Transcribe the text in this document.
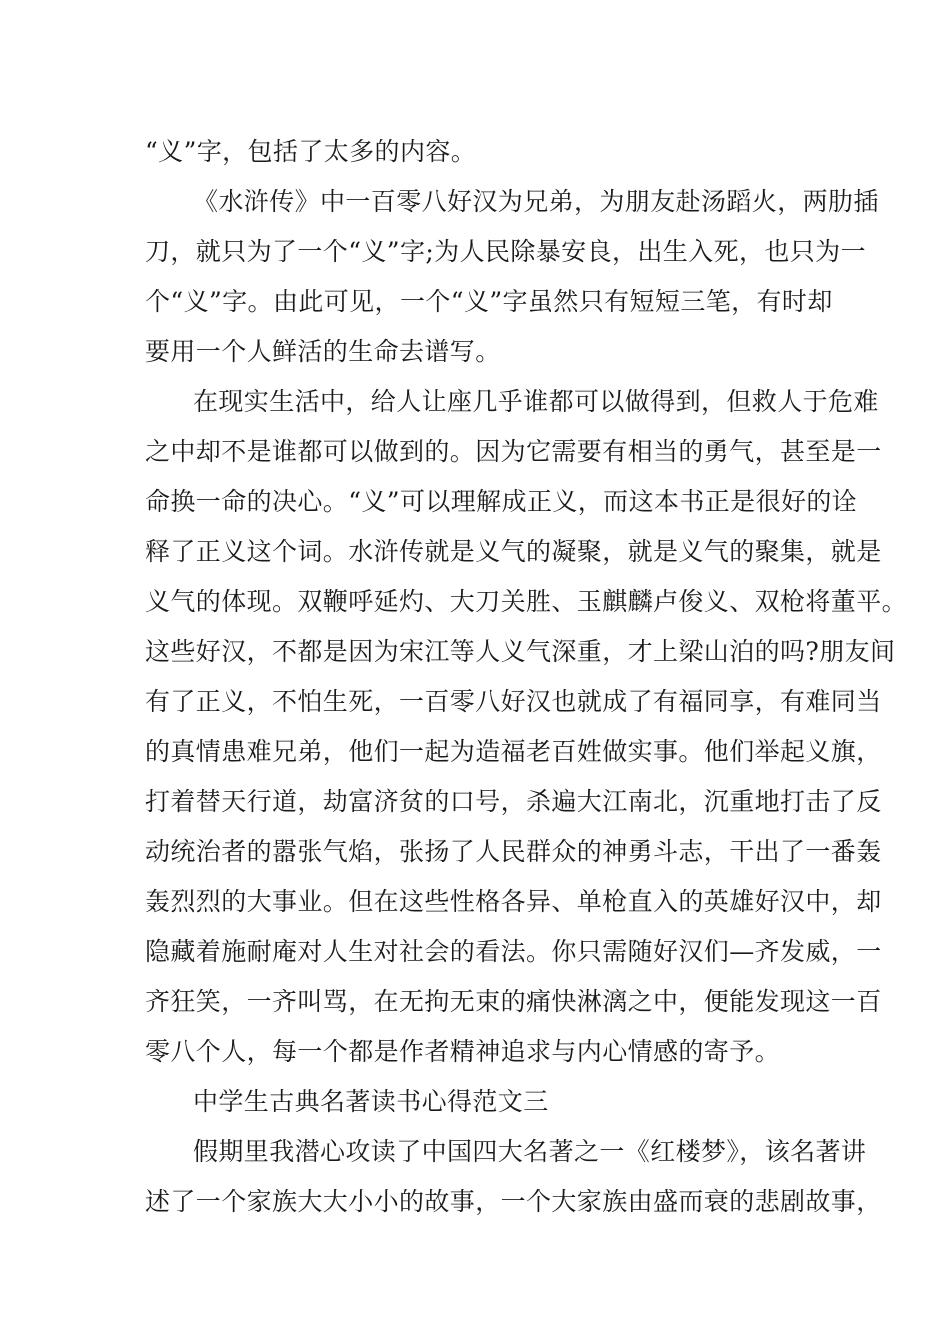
“义”字，包括了太多的内容。
《水浒传》中一百零八好汉为兄弟，为朋友赴汤蹈火，两肋插
刀，就只为了一个“义”字;为人民除暴安良，出生入死，也只为一
个“义”字。由此可见，一个“义”字虽然只有短短三笔，有时却
要用一个人鲜活的生命去谱写。
在现实生活中，给人让座几乎谁都可以做得到，但救人于危难
之中却不是谁都可以做到的。因为它需要有相当的勇气，甚至是一
命换一命的决心。“义”可以理解成正义，而这本书正是很好的诠
释了正义这个词。水浒传就是义气的凝聚，就是义气的聚集，就是
义气的体现。双鞭呼延灼、大刀关胜、玉麒麟卢俊义、双枪将董平。
这些好汉，不都是因为宋江等人义气深重，才上梁山泊的吗?朋友间
有了正义，不怕生死，一百零八好汉也就成了有福同享，有难同当
的真情患难兄弟，他们一起为造福老百姓做实事。他们举起义旗，
打着替天行道，劫富济贫的口号，杀遍大江南北，沉重地打击了反
动统治者的嚣张气焰，张扬了人民群众的神勇斗志，干出了一番轰
轰烈烈的大事业。但在这些性格各异、单枪直入的英雄好汉中，却
隐藏着施耐庵对人生对社会的看法。你只需随好汉们—齐发威，一
齐狂笑，一齐叫骂，在无拘无束的痛快淋漓之中，便能发现这一百
零八个人，每一个都是作者精神追求与内心情感的寄予。
中学生古典名著读书心得范文三
假期里我潜心攻读了中国四大名著之一《红楼梦》，该名著讲
述了一个家族大大小小的故事，一个大家族由盛而衰的悲剧故事，
